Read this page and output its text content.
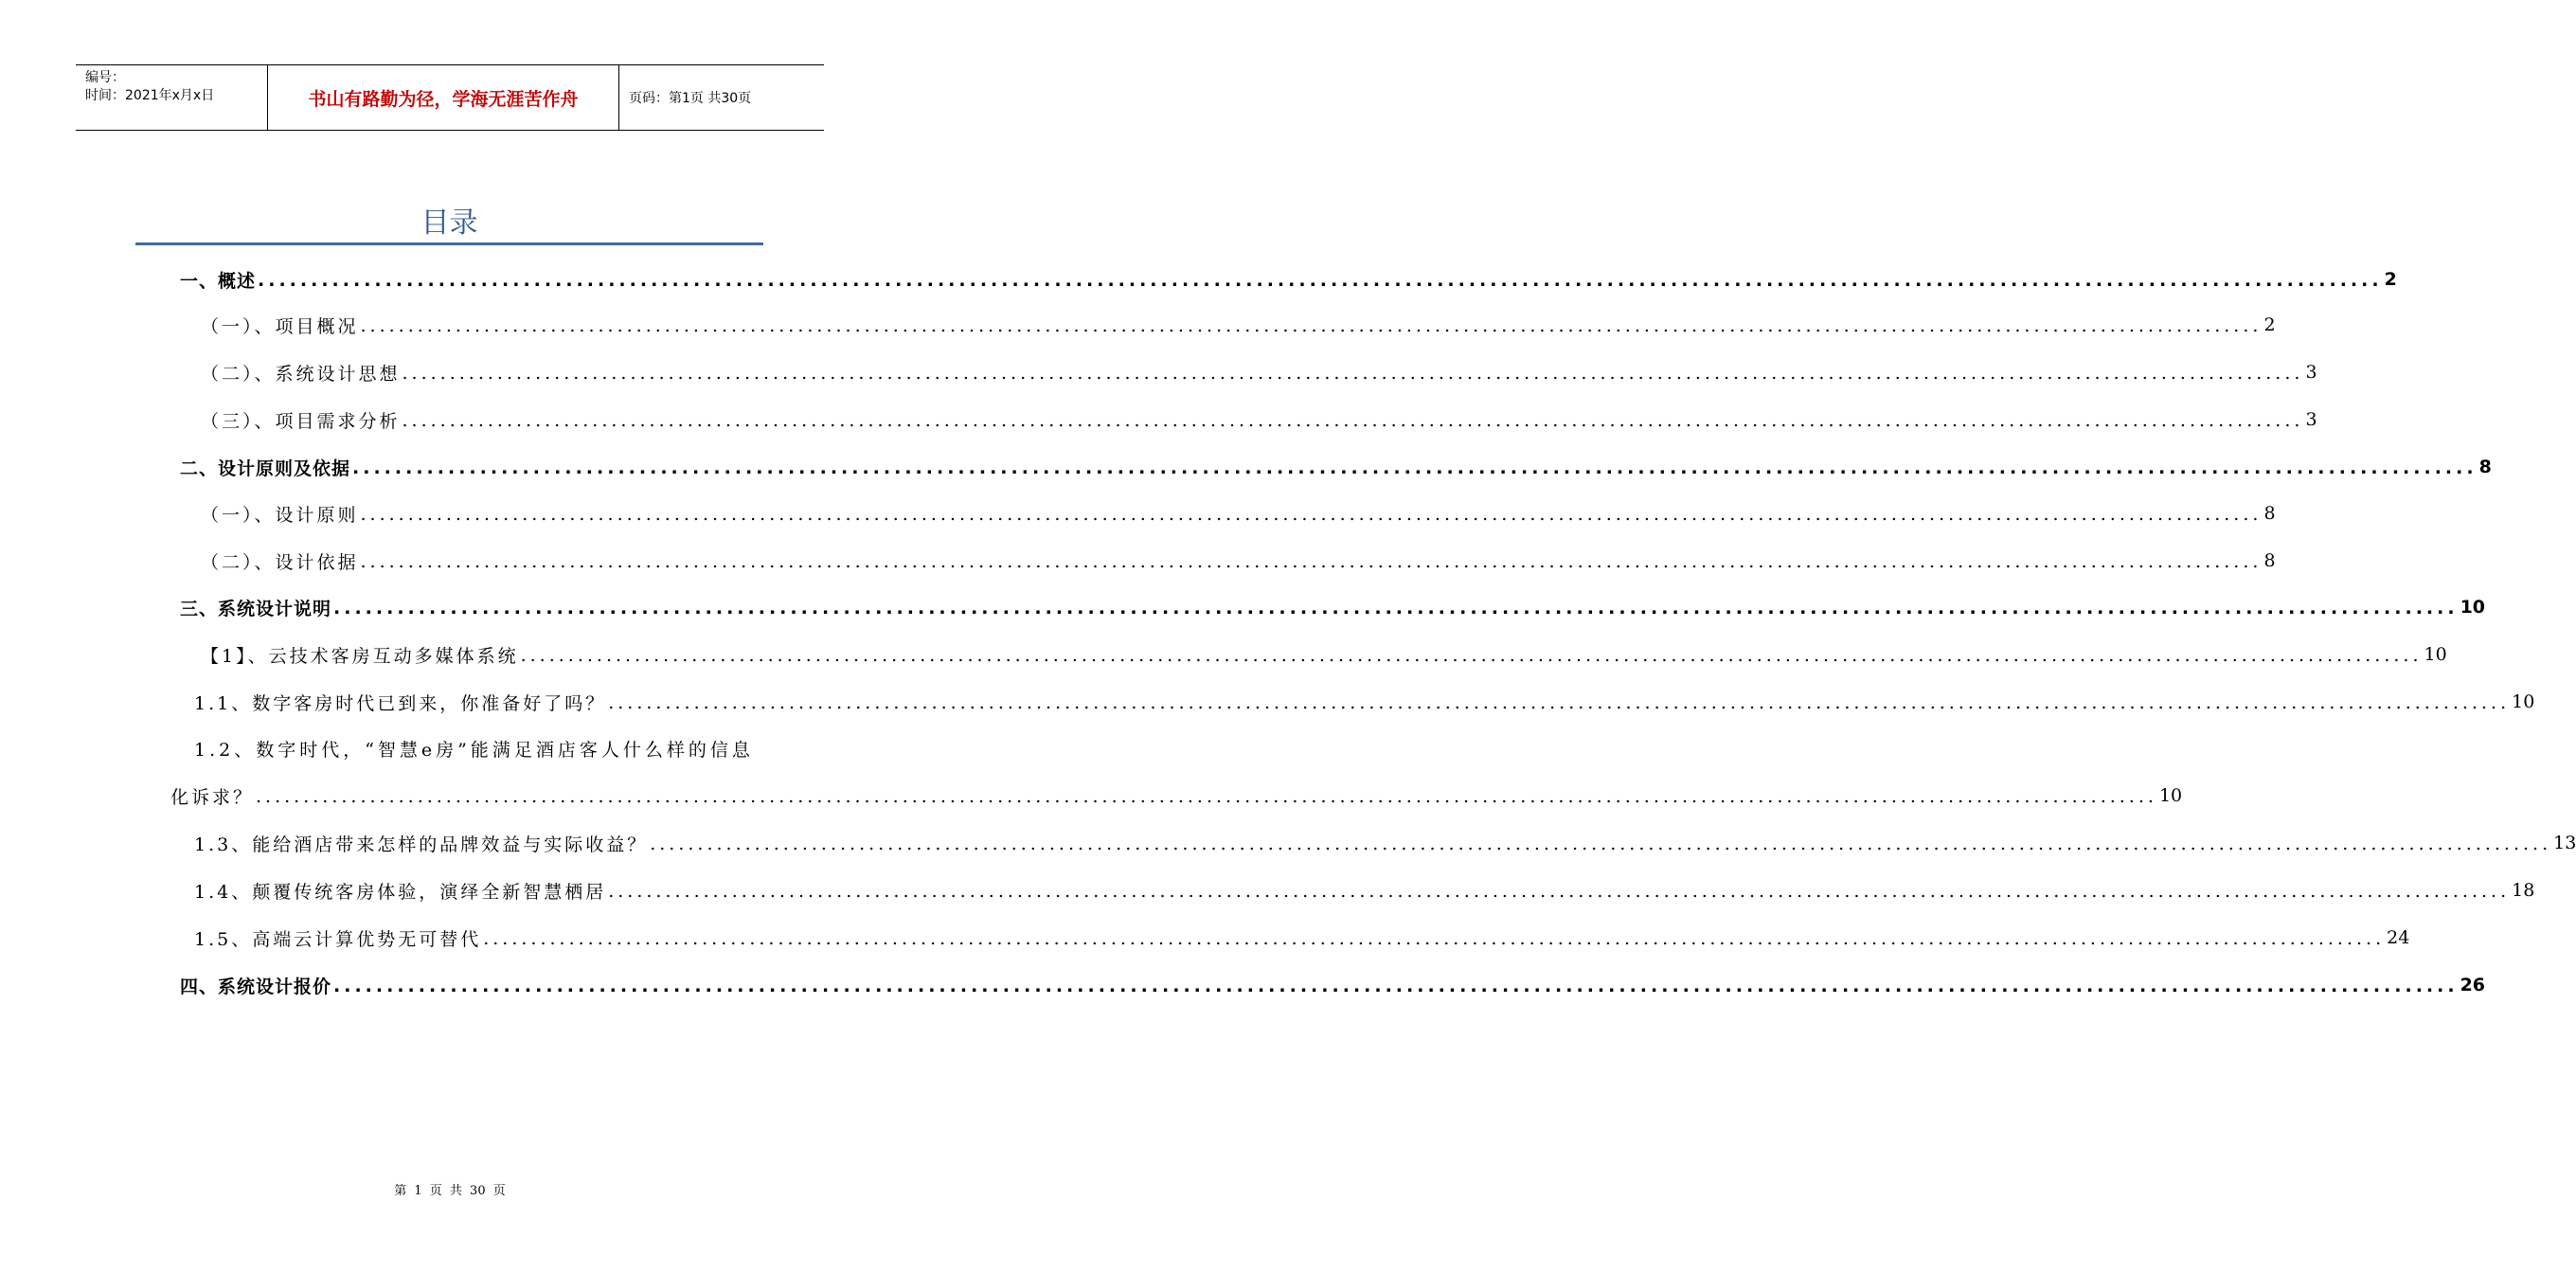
编号：
时间：2021年x月x日	书山有路勤为径，学海无涯苦作舟	页码：第1页 共30页
目录
一、概述 ........................................................................................................................................................................................................ 2
（一）、项目概况 ........................................................................................................................................................................................................ 2
（二）、系统设计思想 ........................................................................................................................................................................................................ 3
（三）、项目需求分析 ........................................................................................................................................................................................................ 3
二、设计原则及依据 ........................................................................................................................................................................................................ 8
（一）、设计原则 ........................................................................................................................................................................................................ 8
（二）、设计依据 ........................................................................................................................................................................................................ 8
三、系统设计说明 ........................................................................................................................................................................................................ 10
【1】、云技术客房互动多媒体系统 ........................................................................................................................................................................................................ 10
1.1、数字客房时代已到来，你准备好了吗？ ........................................................................................................................................................................................................ 10
1.2、数字时代，“智慧e房”能满足酒店客人什么样的信息
化诉求？ ........................................................................................................................................................................................................ 10
1.3、能给酒店带来怎样的品牌效益与实际收益？ ........................................................................................................................................................................................................ 13
1.4、颠覆传统客房体验，演绎全新智慧栖居 ........................................................................................................................................................................................................ 18
1.5、高端云计算优势无可替代 ........................................................................................................................................................................................................ 24
四、系统设计报价 ........................................................................................................................................................................................................ 26
第 1 页 共 30 页
